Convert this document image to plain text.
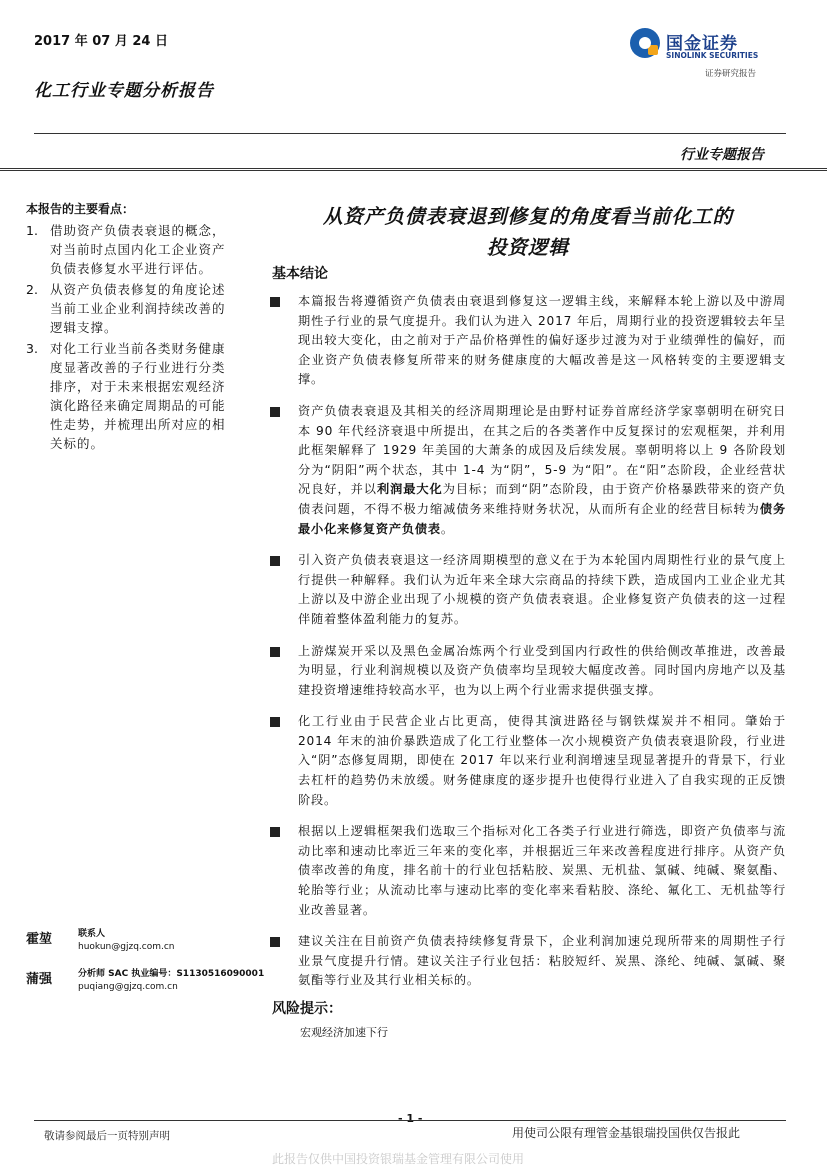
2017 年 07 月 24 日
化工行业专题分析报告
国金证券
SINOLINK SECURITIES
证券研究报告
行业专题报告
本报告的主要看点：
1. 借助资产负债表衰退的概念，对当前时点国内化工企业资产负债表修复水平进行评估。
2. 从资产负债表修复的角度论述当前工业企业利润持续改善的逻辑支撑。
3. 对化工行业当前各类财务健康度显著改善的子行业进行分类排序，对于未来根据宏观经济演化路径来确定周期品的可能性走势，并梳理出所对应的相关标的。
从资产负债表衰退到修复的角度看当前化工的
投资逻辑
基本结论
本篇报告将遵循资产负债表由衰退到修复这一逻辑主线，来解释本轮上游以及中游周期性子行业的景气度提升。我们认为进入 2017 年后，周期行业的投资逻辑较去年呈现出较大变化，由之前对于产品价格弹性的偏好逐步过渡为对于业绩弹性的偏好，而企业资产负债表修复所带来的财务健康度的大幅改善是这一风格转变的主要逻辑支撑。
资产负债表衰退及其相关的经济周期理论是由野村证券首席经济学家辜朝明在研究日本 90 年代经济衰退中所提出，在其之后的各类著作中反复探讨的宏观框架，并利用此框架解释了 1929 年美国的大萧条的成因及后续发展。辜朝明将以上 9 各阶段划分为“阴阳”两个状态，其中 1-4 为“阴”，5-9 为“阳”。在“阳”态阶段，企业经营状况良好，并以利润最大化为目标；而到“阴”态阶段，由于资产价格暴跌带来的资产负债表问题，不得不极力缩减债务来维持财务状况，从而所有企业的经营目标转为债务最小化来修复资产负债表。
引入资产负债表衰退这一经济周期模型的意义在于为本轮国内周期性行业的景气度上行提供一种解释。我们认为近年来全球大宗商品的持续下跌，造成国内工业企业尤其上游以及中游企业出现了小规模的资产负债表衰退。企业修复资产负债表的这一过程伴随着整体盈利能力的复苏。
上游煤炭开采以及黑色金属冶炼两个行业受到国内行政性的供给侧改革推进，改善最为明显，行业利润规模以及资产负债率均呈现较大幅度改善。同时国内房地产以及基建投资增速维持较高水平，也为以上两个行业需求提供强支撑。
化工行业由于民营企业占比更高，使得其演进路径与钢铁煤炭并不相同。肇始于 2014 年末的油价暴跌造成了化工行业整体一次小规模资产负债表衰退阶段，行业进入“阴”态修复周期，即使在 2017 年以来行业利润增速呈现显著提升的背景下，行业去杠杆的趋势仍未放缓。财务健康度的逐步提升也使得行业进入了自我实现的正反馈阶段。
根据以上逻辑框架我们选取三个指标对化工各类子行业进行筛选，即资产负债率与流动比率和速动比率近三年来的变化率，并根据近三年来改善程度进行排序。从资产负债率改善的角度，排名前十的行业包括粘胶、炭黑、无机盐、氯碱、纯碱、聚氨酯、轮胎等行业；从流动比率与速动比率的变化率来看粘胶、涤纶、氟化工、无机盐等行业改善显著。
建议关注在目前资产负债表持续修复背景下，企业利润加速兑现所带来的周期性子行业景气度提升行情。建议关注子行业包括：粘胶短纤、炭黑、涤纶、纯碱、氯碱、聚氨酯等行业及其行业相关标的。
霍堃	联系人
huokun@gjzq.com.cn
蒲强	分析师 SAC 执业编号：S1130516090001
puqiang@gjzq.com.cn
风险提示：
宏观经济加速下行
- 1 -
敬请参阅最后一页特别声明	用使司公限有理管金基银瑞投国供仅告报此
此报告仅供中国投资银瑞基金管理有限公司使用
